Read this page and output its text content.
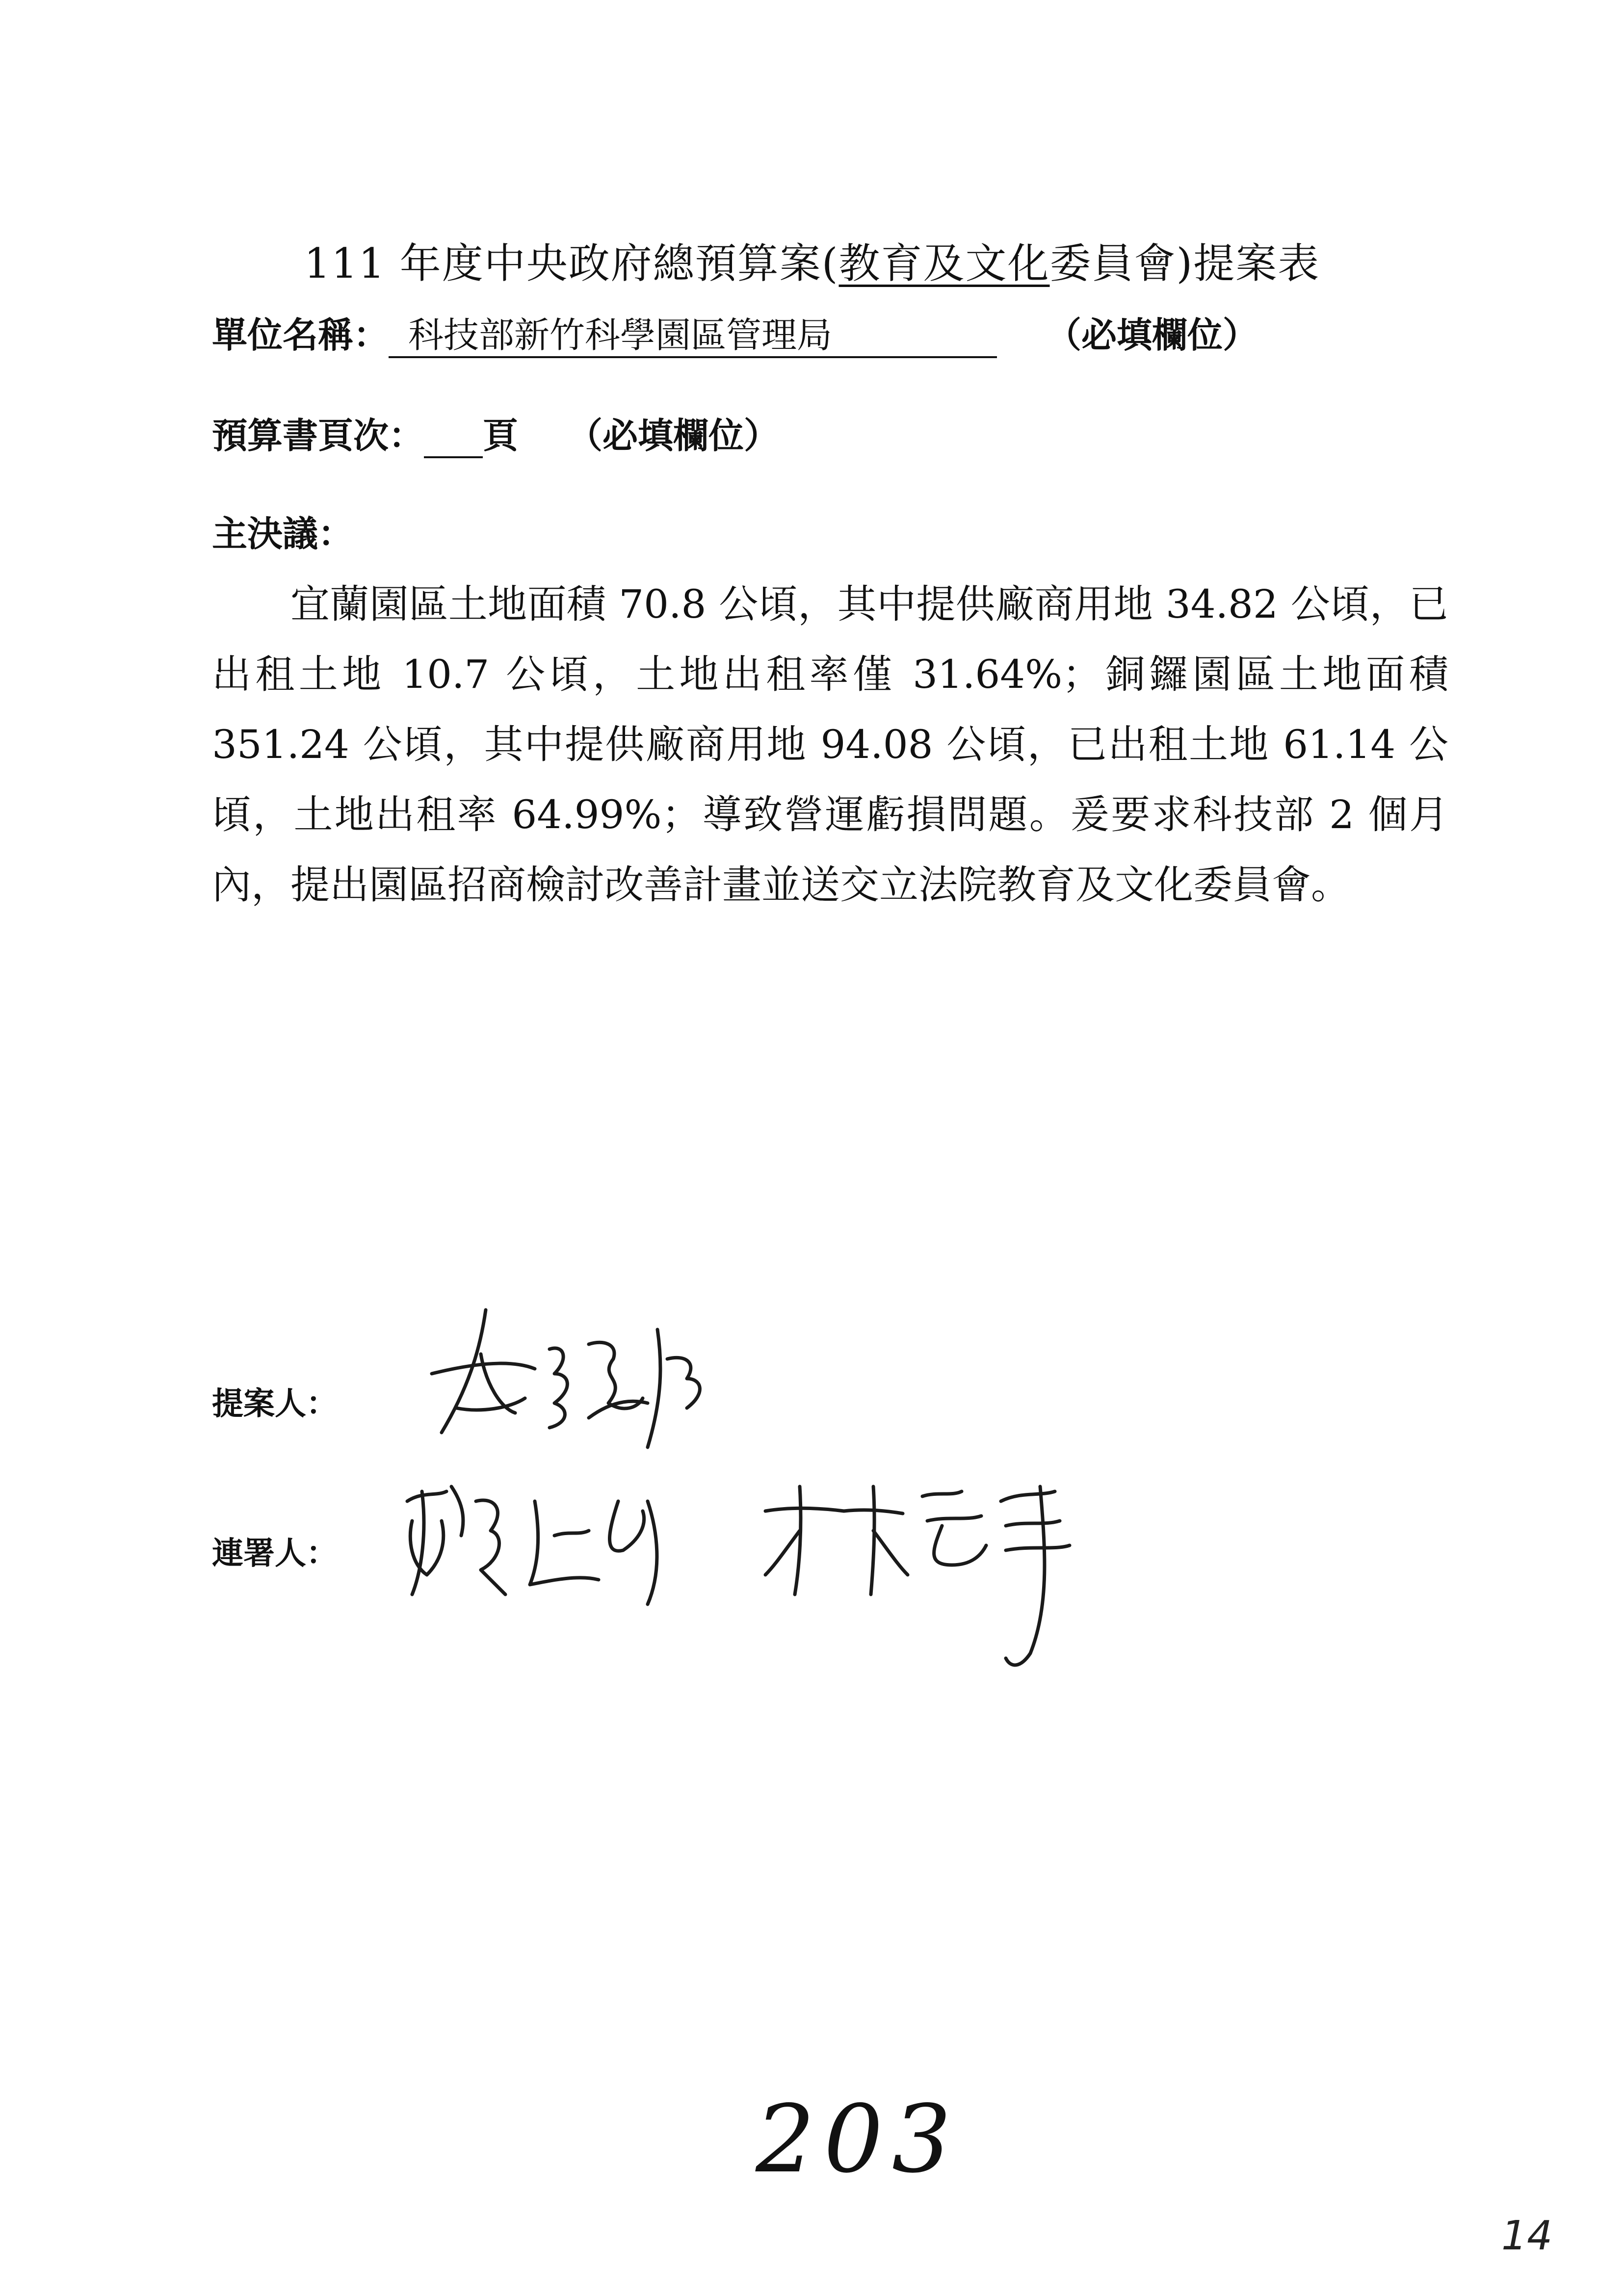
111 年度中央政府總預算案(教育及文化委員會)提案表
單位名稱： 科技部新竹科學園區管理局	（必填欄位）
預算書頁次： 頁 （必填欄位）
主決議：
宜蘭園區土地面積 70.8 公頃，其中提供廠商用地 34.82 公頃，已出租土地 10.7 公頃，土地出租率僅 31.64%；銅鑼園區土地面積 351.24 公頃，其中提供廠商用地 94.08 公頃，已出租土地 61.14 公頃，土地出租率 64.99%；導致營運虧損問題。爰要求科技部 2 個月內，提出園區招商檢討改善計畫並送交立法院教育及文化委員會。
提案人：
連署人：
203
14
